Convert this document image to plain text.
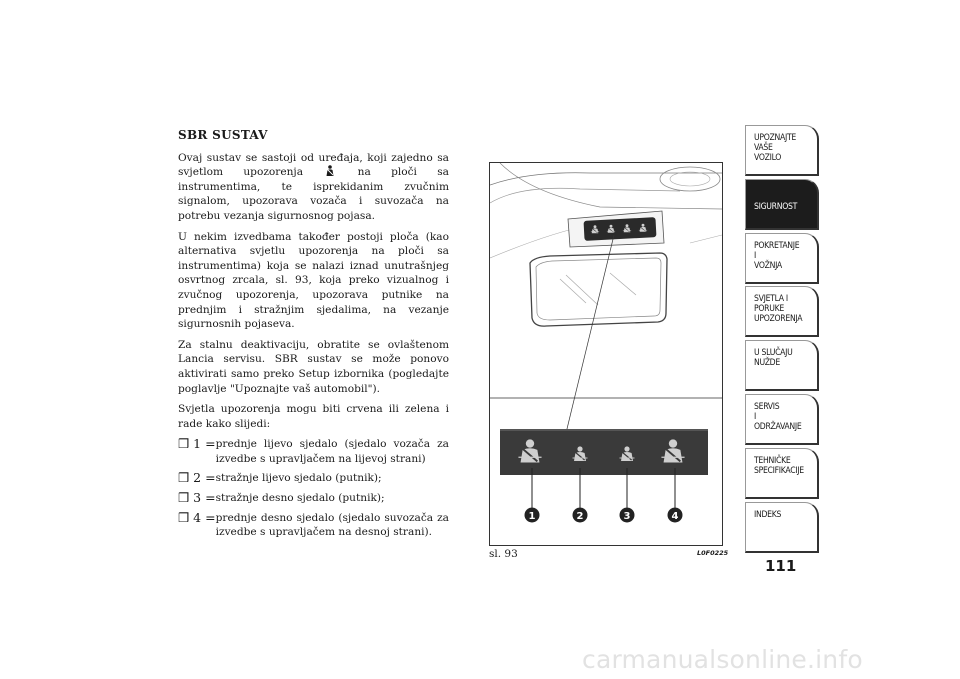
SBR SUSTAV

Ovaj sustav se sastoji od uređaja, koji zajedno sa svjetlom upozorenja	na ploči sa instrumentima, te isprekidanim zvučnim signalom, upozorava vozača i suvozača na potrebu vezanja sigurnosnog pojasa.

U nekim izvedbama također postoji ploča (kao alternativa svjetlu upozorenja na ploči sa instrumentima) koja se nalazi iznad unutrašnjeg osvrtnog zrcala, sl. 93, koja preko vizualnog i zvučnog upozorenja, upozorava putnike na prednjim i stražnjim sjedalima, na vezanje sigurnosnih pojaseva.

Za stalnu deaktivaciju, obratite se ovlaštenom Lancia servisu. SBR sustav se može ponovo aktivirati samo preko Setup izbornika (pogledajte poglavlje "Upoznajte vaš automobil").

Svjetla upozorenja mogu biti crvena ili zelena i rade kako slijedi:

❒ 1 = prednje lijevo sjedalo (sjedalo vozača za izvedbe s upravljačem na lijevoj strani)
❒ 2 = stražnje lijevo sjedalo (putnik);
❒ 3 = stražnje desno sjedalo (putnik);
❒ 4 = prednje desno sjedalo (sjedalo suvozača za izvedbe s upravljačem na desnoj strani).
1	2	3	4
sl. 93	L0F0225
UPOZNAJTE
VAŠE
VOZILO
SIGURNOST
POKRETANJE
I
VOŽNJA
SVJETLA I
PORUKE
UPOZORENJA
U SLUČAJU
NUŽDE
SERVIS
I
ODRŽAVANJE
TEHNIČKE
SPECIFIKACIJE
INDEKS
111
carmanualsonline.info
